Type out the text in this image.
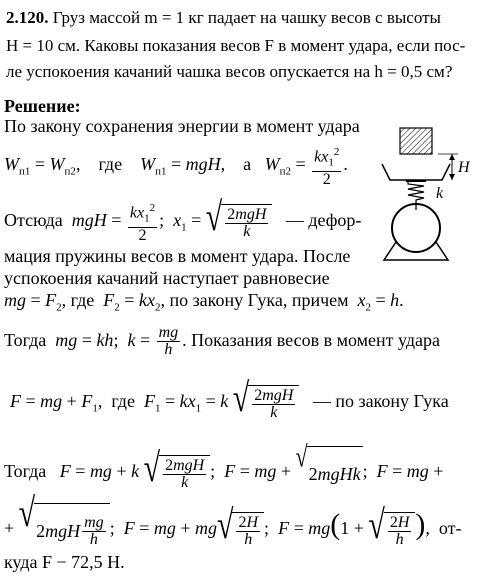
2.120. Груз массой m = 1 кг падает на чашку весов с высоты
H = 10 см. Каковы показания весов F в момент удара, если пос-
ле успокоения качаний чашка весов опускается на h = 0,5 см?
Решение:
По закону сохранения энергии в момент удара
$W_{п1} = W_{п2}$,    где $W_{п1}$ = mgH,    а $W_{п2} = \frac{kx_1^2}{2}$ .
Отсюда mgH = $\frac{kx_1^2}{2}$ ;  $x_1$ = √ $\frac{\text{2mgH}}{k}$ — дефор-
мация пружины весов в момент удара. После
успокоения качаний наступает равновесие
mg = $F_2$, где $F_2 = kx_2$, по закону Гука, причем $x_2 = h$.
Тогда mg = kh;  $k = \frac{mg}{h}$ . Показания весов в момент удара
F = mg + $F_1$,  где  $F_1 = kx_1 = k$ √ $\frac{\text{2mgH}}{k}$ — по закону Гука
Тогда F = mg + k √ $\frac{\text{2mgH}}{k}$ ;  F = mg + √
2 mgHk ;  F = mg +
+ √ 2 mgH $\frac{mg}{h}$ ;  F = mg + mg √ $\frac{2H}{h}$ ;  F = mg(1 + √ $\frac{2H}{h}$ ),  от-
куда F − 72,5 Н.
H
k
